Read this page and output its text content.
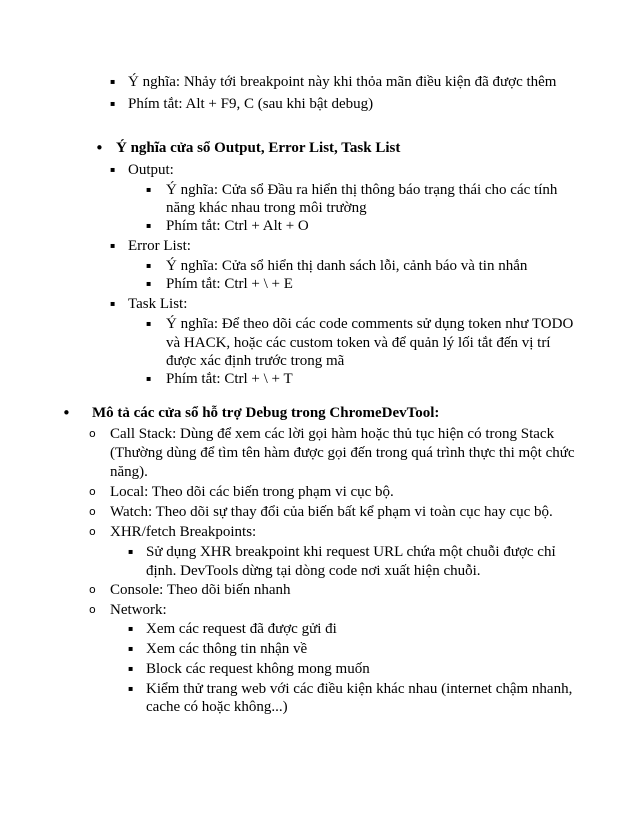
▪ Ý nghĩa: Nhảy tới breakpoint này khi thỏa mãn điều kiện đã được thêm
▪ Phím tắt: Alt + F9, C (sau khi bật debug)
• Ý nghĩa cửa sổ Output, Error List, Task List
▪ Output:
▪ Ý nghĩa: Cửa sổ Đầu ra hiển thị thông báo trạng thái cho các tính
năng khác nhau trong môi trường
▪ Phím tắt: Ctrl + Alt + O
▪ Error List:
▪ Ý nghĩa: Cửa sổ hiển thị danh sách lỗi, cảnh báo và tin nhắn
▪ Phím tắt: Ctrl + \ + E
▪ Task List:
▪ Ý nghĩa: Để theo dõi các code comments sử dụng token như TODO
và HACK, hoặc các custom token và để quản lý lối tắt đến vị trí
được xác định trước trong mã
▪ Phím tắt: Ctrl + \ + T
• Mô tả các cửa sổ hỗ trợ Debug trong ChromeDevTool:
o Call Stack: Dùng để xem các lời gọi hàm hoặc thủ tục hiện có trong Stack
(Thường dùng để tìm tên hàm được gọi đến trong quá trình thực thi một chức
năng).
o Local: Theo dõi các biến trong phạm vi cục bộ.
o Watch: Theo dõi sự thay đổi của biến bất kể phạm vi toàn cục hay cục bộ.
o XHR/fetch Breakpoints:
▪ Sử dụng XHR breakpoint khi request URL chứa một chuỗi được chỉ
định. DevTools dừng tại dòng code nơi xuất hiện chuỗi.
o Console: Theo dõi biến nhanh
o Network:
▪ Xem các request đã được gửi đi
▪ Xem các thông tin nhận về
▪ Block các request không mong muốn
▪ Kiểm thử trang web với các điều kiện khác nhau (internet chậm nhanh,
cache có hoặc không...)
